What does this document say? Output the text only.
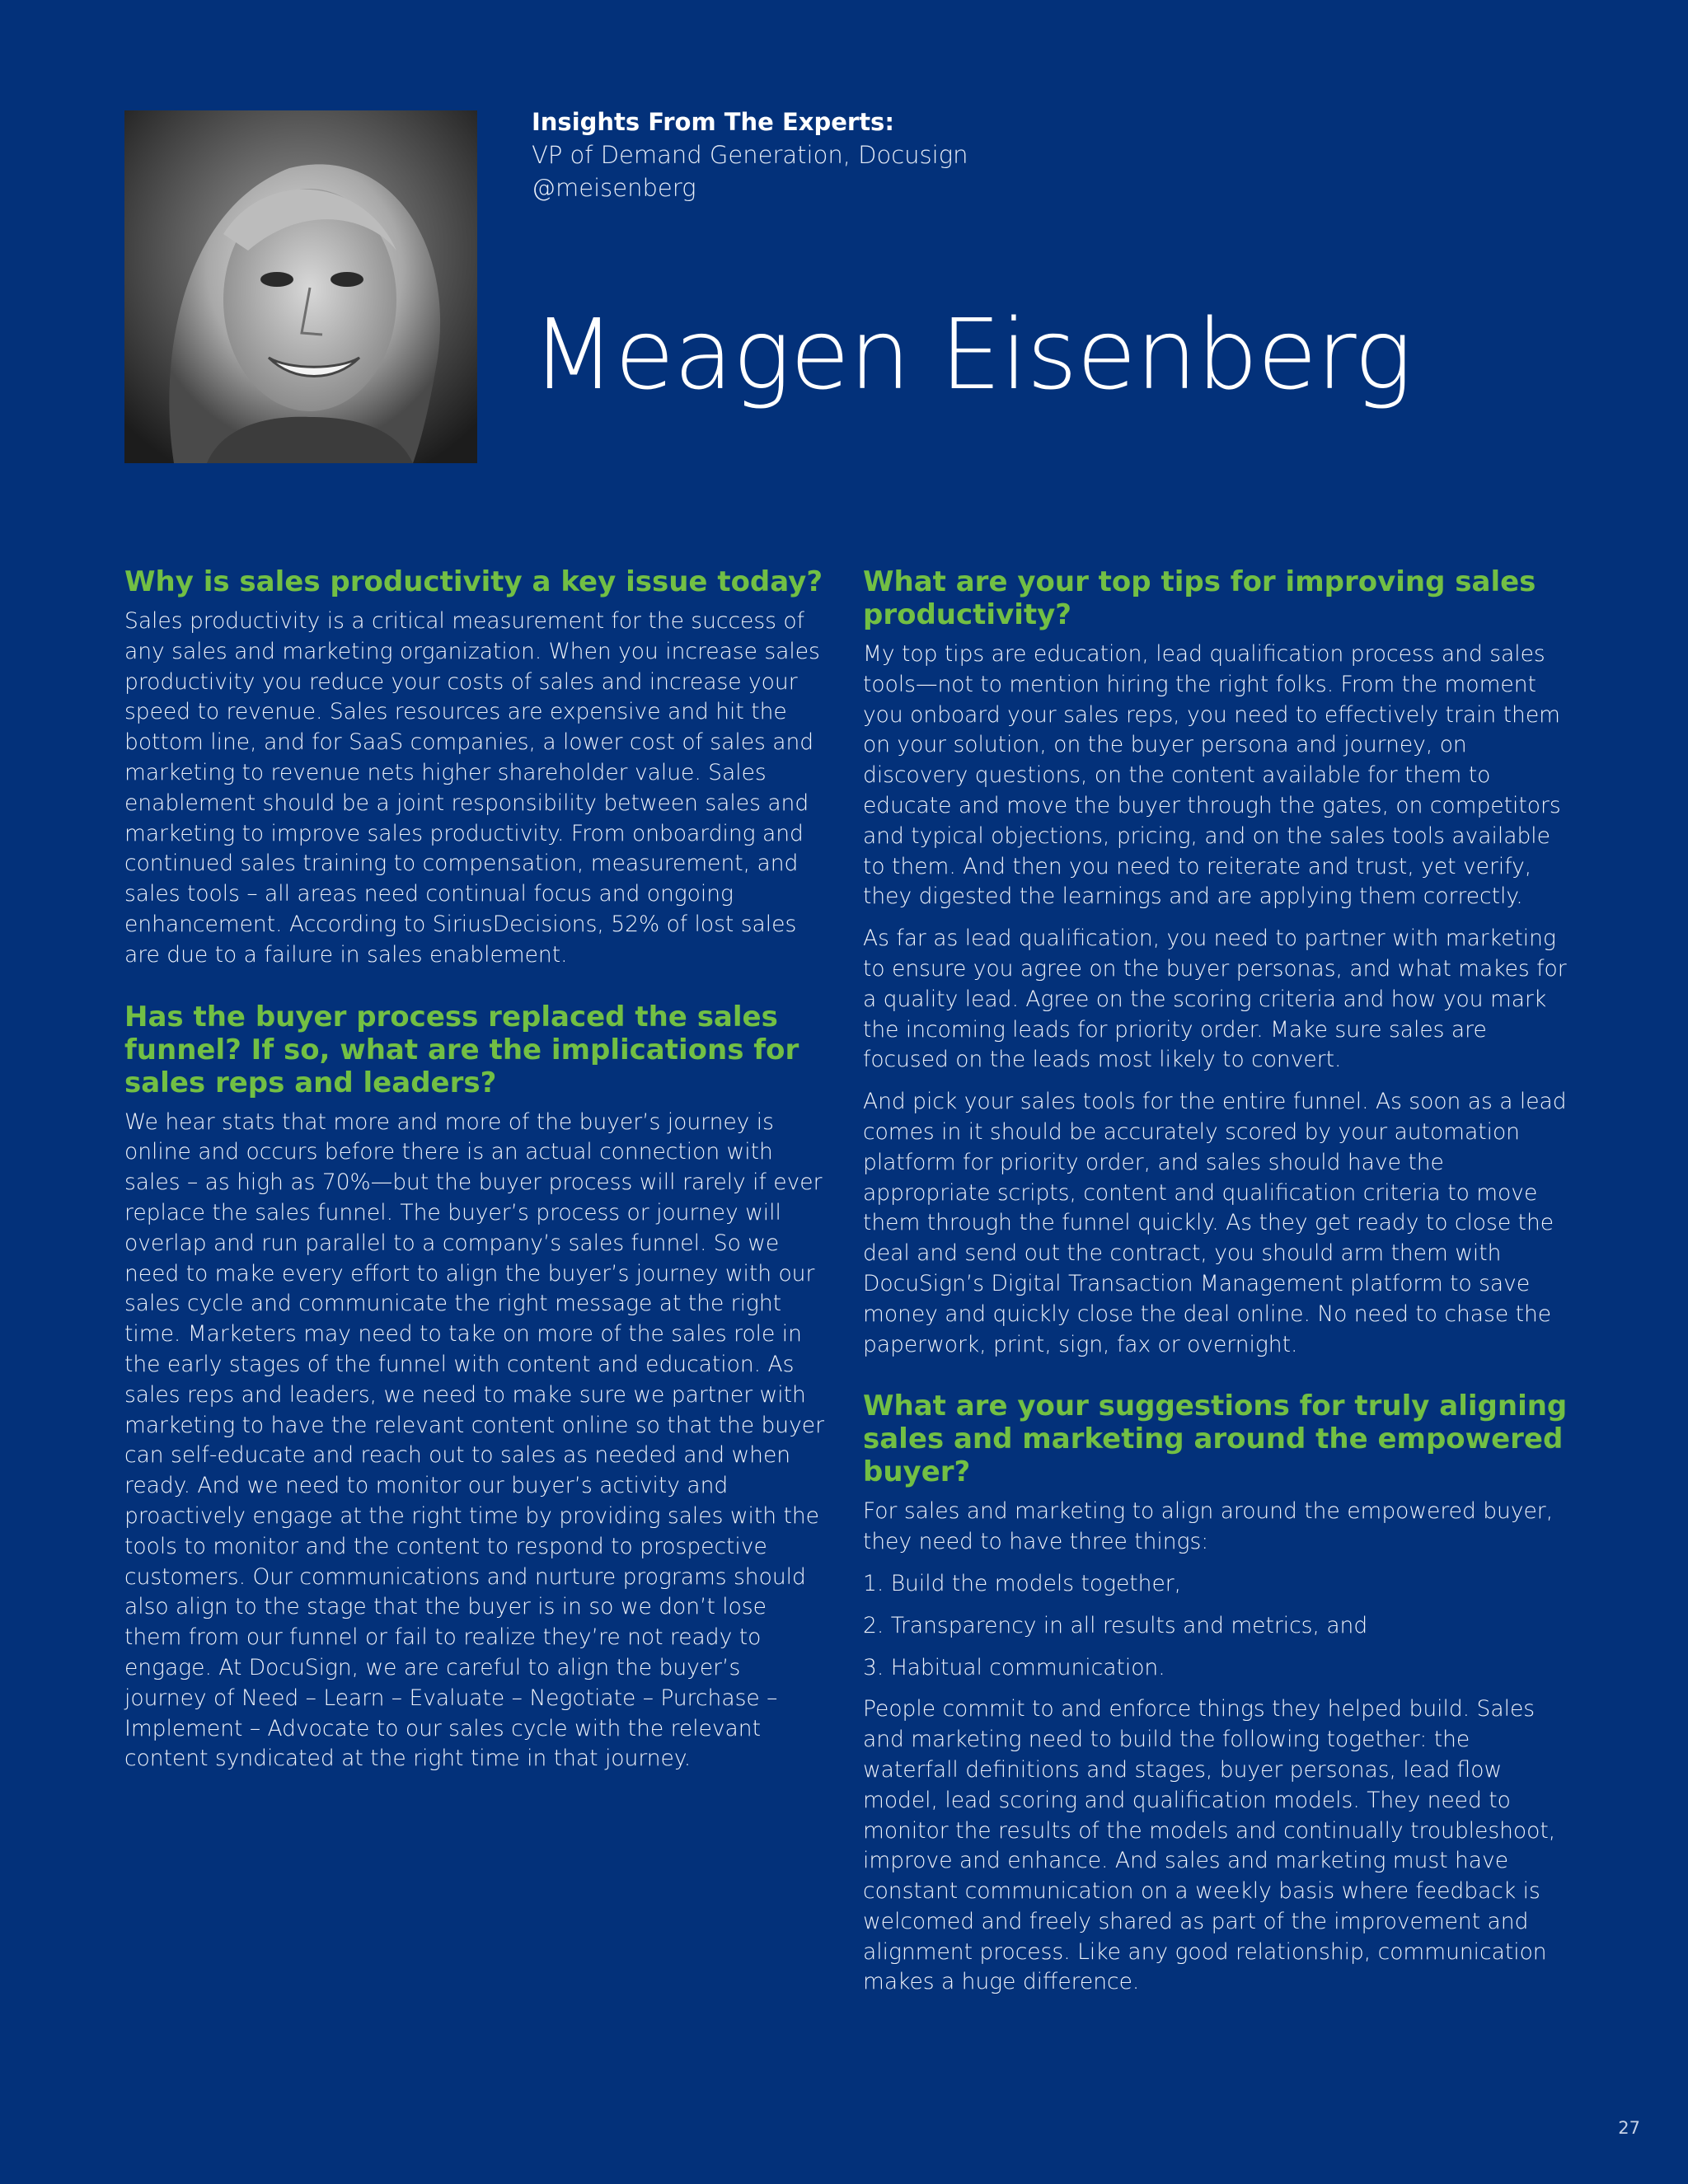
Insights From The Experts:
VP of Demand Generation, Docusign
@meisenberg
Meagen Eisenberg
Why is sales productivity a key issue today?

Sales productivity is a critical measurement for the success of any sales and marketing organization. When you increase sales productivity you reduce your costs of sales and increase your speed to revenue. Sales resources are expensive and hit the bottom line, and for SaaS companies, a lower cost of sales and marketing to revenue nets higher shareholder value. Sales enablement should be a joint responsibility between sales and marketing to improve sales productivity. From onboarding and continued sales training to compensation, measurement, and sales tools – all areas need continual focus and ongoing enhancement. According to SiriusDecisions, 52% of lost sales are due to a failure in sales enablement.

Has the buyer process replaced the sales funnel? If so, what are the implications for sales reps and leaders?

We hear stats that more and more of the buyer’s journey is online and occurs before there is an actual connection with sales – as high as 70%—but the buyer process will rarely if ever replace the sales funnel. The buyer’s process or journey will overlap and run parallel to a company’s sales funnel. So we need to make every effort to align the buyer’s journey with our sales cycle and communicate the right message at the right time. Marketers may need to take on more of the sales role in the early stages of the funnel with content and education. As sales reps and leaders, we need to make sure we partner with marketing to have the relevant content online so that the buyer can self-educate and reach out to sales as needed and when ready. And we need to monitor our buyer’s activity and proactively engage at the right time by providing sales with the tools to monitor and the content to respond to prospective customers. Our communications and nurture programs should also align to the stage that the buyer is in so we don’t lose them from our funnel or fail to realize they’re not ready to engage. At DocuSign, we are careful to align the buyer’s journey of Need – Learn – Evaluate – Negotiate – Purchase – Implement – Advocate to our sales cycle with the relevant content syndicated at the right time in that journey.

What are your top tips for improving sales productivity?

My top tips are education, lead qualification process and sales tools—not to mention hiring the right folks. From the moment you onboard your sales reps, you need to effectively train them on your solution, on the buyer persona and journey, on discovery questions, on the content available for them to educate and move the buyer through the gates, on competitors and typical objections, pricing, and on the sales tools available to them. And then you need to reiterate and trust, yet verify, they digested the learnings and are applying them correctly.

As far as lead qualification, you need to partner with marketing to ensure you agree on the buyer personas, and what makes for a quality lead. Agree on the scoring criteria and how you mark the incoming leads for priority order. Make sure sales are focused on the leads most likely to convert.

And pick your sales tools for the entire funnel. As soon as a lead comes in it should be accurately scored by your automation platform for priority order, and sales should have the appropriate scripts, content and qualification criteria to move them through the funnel quickly. As they get ready to close the deal and send out the contract, you should arm them with DocuSign’s Digital Transaction Management platform to save money and quickly close the deal online. No need to chase the paperwork, print, sign, fax or overnight.

What are your suggestions for truly aligning sales and marketing around the empowered buyer?

For sales and marketing to align around the empowered buyer, they need to have three things:

1. Build the models together,

2. Transparency in all results and metrics, and

3. Habitual communication.

People commit to and enforce things they helped build. Sales and marketing need to build the following together: the waterfall definitions and stages, buyer personas, lead flow model, lead scoring and qualification models. They need to monitor the results of the models and continually troubleshoot, improve and enhance. And sales and marketing must have constant communication on a weekly basis where feedback is welcomed and freely shared as part of the improvement and alignment process. Like any good relationship, communication makes a huge difference.

27
